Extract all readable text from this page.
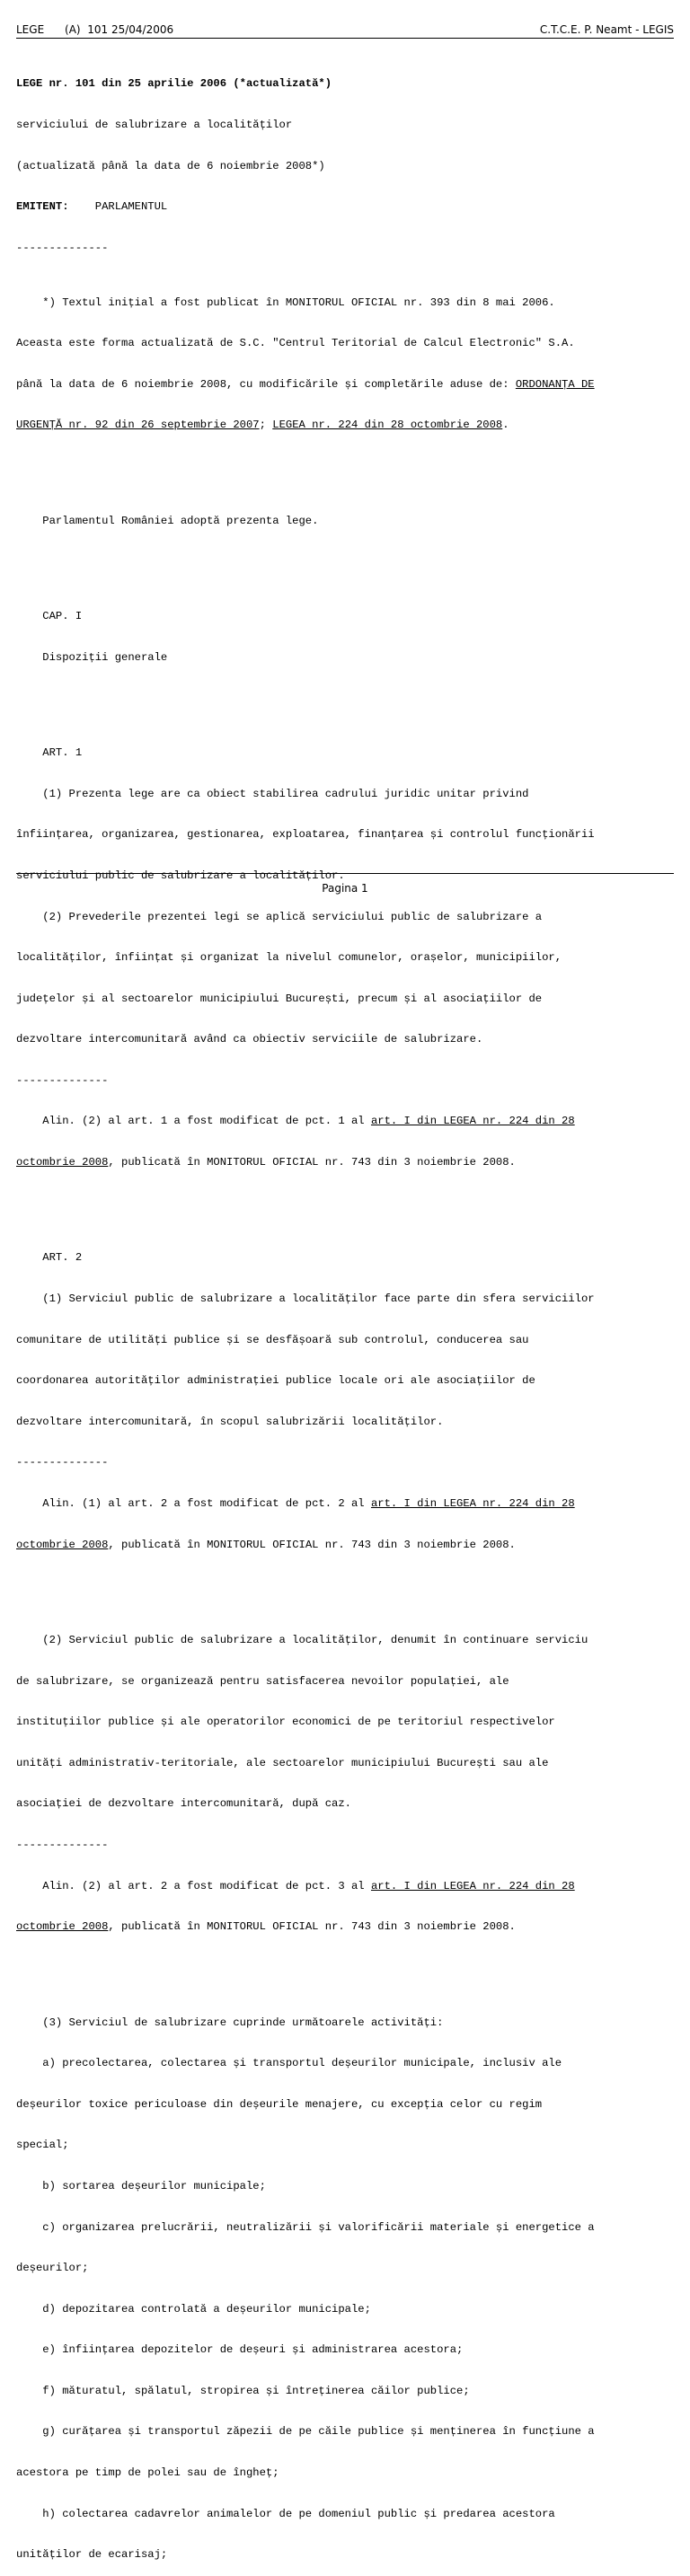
LEGE      (A)  101 25/04/2006	C.T.C.E. P. Neamt - LEGIS

LEGE nr. 101 din 25 aprilie 2006 (*actualizată*)

serviciului de salubrizare a localităților

(actualizată până la data de 6 noiembrie 2008*)

EMITENT:    PARLAMENTUL

--------------

*) Textul inițial a fost publicat în MONITORUL OFICIAL nr. 393 din 8 mai 2006.

Aceasta este forma actualizată de S.C. "Centrul Teritorial de Calcul Electronic" S.A.

până la data de 6 noiembrie 2008, cu modificările și completările aduse de: ORDONANȚA DE

URGENȚĂ nr. 92 din 26 septembrie 2007; LEGEA nr. 224 din 28 octombrie 2008.

Parlamentul României adoptă prezenta lege.

CAP. I

Dispoziții generale

ART. 1

(1) Prezenta lege are ca obiect stabilirea cadrului juridic unitar privind

înființarea, organizarea, gestionarea, exploatarea, finanțarea și controlul funcționării

serviciului public de salubrizare a localităților.

(2) Prevederile prezentei legi se aplică serviciului public de salubrizare a

localităților, înființat și organizat la nivelul comunelor, orașelor, municipiilor,

județelor și al sectoarelor municipiului București, precum și al asociațiilor de

dezvoltare intercomunitară având ca obiectiv serviciile de salubrizare.

--------------

Alin. (2) al art. 1 a fost modificat de pct. 1 al art. I din LEGEA nr. 224 din 28

octombrie 2008, publicată în MONITORUL OFICIAL nr. 743 din 3 noiembrie 2008.

ART. 2

(1) Serviciul public de salubrizare a localităților face parte din sfera serviciilor

comunitare de utilități publice și se desfășoară sub controlul, conducerea sau

coordonarea autorităților administrației publice locale ori ale asociațiilor de

dezvoltare intercomunitară, în scopul salubrizării localităților.

--------------

Alin. (1) al art. 2 a fost modificat de pct. 2 al art. I din LEGEA nr. 224 din 28

octombrie 2008, publicată în MONITORUL OFICIAL nr. 743 din 3 noiembrie 2008.

(2) Serviciul public de salubrizare a localităților, denumit în continuare serviciu

de salubrizare, se organizează pentru satisfacerea nevoilor populației, ale

instituțiilor publice și ale operatorilor economici de pe teritoriul respectivelor

unități administrativ-teritoriale, ale sectoarelor municipiului București sau ale

asociației de dezvoltare intercomunitară, după caz.

--------------

Alin. (2) al art. 2 a fost modificat de pct. 3 al art. I din LEGEA nr. 224 din 28

octombrie 2008, publicată în MONITORUL OFICIAL nr. 743 din 3 noiembrie 2008.

(3) Serviciul de salubrizare cuprinde următoarele activități:

a) precolectarea, colectarea și transportul deșeurilor municipale, inclusiv ale

deșeurilor toxice periculoase din deșeurile menajere, cu excepția celor cu regim

special;

b) sortarea deșeurilor municipale;

c) organizarea prelucrării, neutralizării și valorificării materiale și energetice a

deșeurilor;

d) depozitarea controlată a deșeurilor municipale;

e) înființarea depozitelor de deșeuri și administrarea acestora;

f) măturatul, spălatul, stropirea și întreținerea căilor publice;

g) curățarea și transportul zăpezii de pe căile publice și menținerea în funcțiune a

acestora pe timp de polei sau de îngheț;

h) colectarea cadavrelor animalelor de pe domeniul public și predarea acestora

unităților de ecarisaj;

Pagina 1
